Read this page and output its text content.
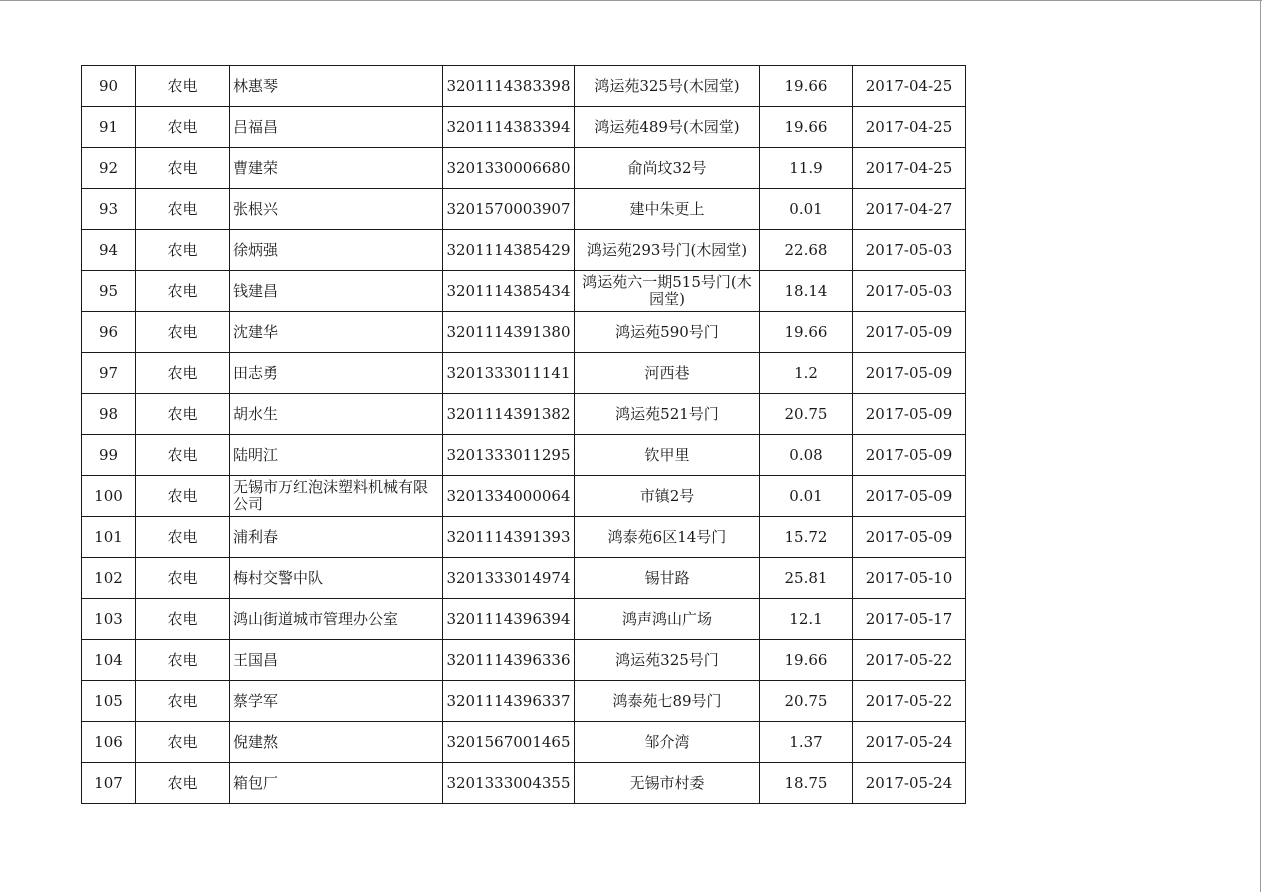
90	农电	林惠琴	3201114383398	鸿运苑325号(木园堂)	19.66	2017-04-25
91	农电	吕福昌	3201114383394	鸿运苑489号(木园堂)	19.66	2017-04-25
92	农电	曹建荣	3201330006680	俞尚坟32号	11.9	2017-04-25
93	农电	张根兴	3201570003907	建中朱更上	0.01	2017-04-27
94	农电	徐炳强	3201114385429	鸿运苑293号门(木园堂)	22.68	2017-05-03
95	农电	钱建昌	3201114385434	鸿运苑六一期515号门(木园堂)	18.14	2017-05-03
96	农电	沈建华	3201114391380	鸿运苑590号门	19.66	2017-05-09
97	农电	田志勇	3201333011141	河西巷	1.2	2017-05-09
98	农电	胡水生	3201114391382	鸿运苑521号门	20.75	2017-05-09
99	农电	陆明江	3201333011295	钦甲里	0.08	2017-05-09
100	农电	无锡市万红泡沫塑料机械有限公司	3201334000064	市镇2号	0.01	2017-05-09
101	农电	浦利春	3201114391393	鸿泰苑6区14号门	15.72	2017-05-09
102	农电	梅村交警中队	3201333014974	锡甘路	25.81	2017-05-10
103	农电	鸿山街道城市管理办公室	3201114396394	鸿声鸿山广场	12.1	2017-05-17
104	农电	王国昌	3201114396336	鸿运苑325号门	19.66	2017-05-22
105	农电	蔡学军	3201114396337	鸿泰苑七89号门	20.75	2017-05-22
106	农电	倪建熬	3201567001465	邹介湾	1.37	2017-05-24
107	农电	箱包厂	3201333004355	无锡市村委	18.75	2017-05-24
